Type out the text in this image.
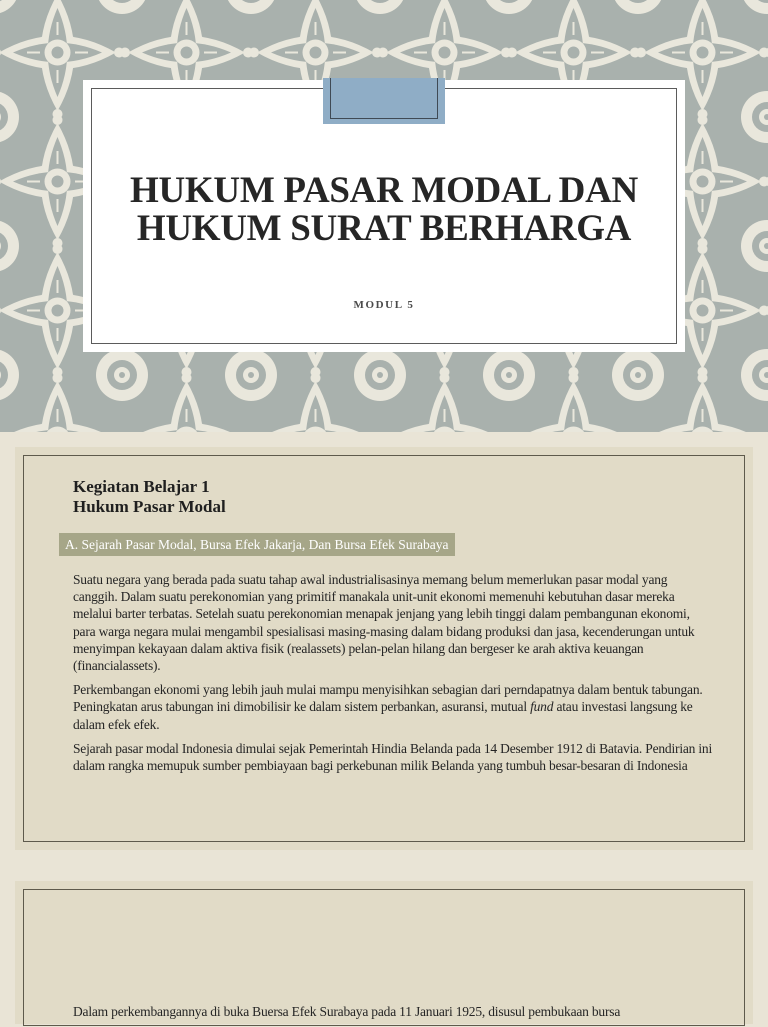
HUKUM PASAR MODAL DAN HUKUM SURAT BERHARGA
MODUL 5
Kegiatan Belajar 1
Hukum Pasar Modal
A. Sejarah Pasar Modal, Bursa Efek Jakarja, Dan Bursa Efek Surabaya

Suatu negara yang berada pada suatu tahap awal industrialisasinya memang belum memerlukan pasar modal yang canggih. Dalam suatu perekonomian yang primitif manakala unit-unit ekonomi memenuhi kebutuhan dasar mereka melalui barter terbatas. Setelah suatu perekonomian menapak jenjang yang lebih tinggi dalam pembangunan ekonomi, para warga negara mulai mengambil spesialisasi masing-masing dalam bidang produksi dan jasa, kecenderungan untuk menyimpan kekayaan dalam aktiva fisik (realassets) pelan-pelan hilang dan bergeser ke arah aktiva keuangan (financialassets).

Perkembangan ekonomi yang lebih jauh mulai mampu menyisihkan sebagian dari perndapatnya dalam bentuk tabungan. Peningkatan arus tabungan ini dimobilisir ke dalam sistem perbankan, asuransi, mutual fund atau investasi langsung ke dalam efek efek.

Sejarah pasar modal Indonesia dimulai sejak Pemerintah Hindia Belanda pada 14 Desember 1912 di Batavia. Pendirian ini dalam rangka memupuk sumber pembiayaan bagi perkebunan milik Belanda yang tumbuh besar-besaran di Indonesia

Dalam perkembangannya di buka Buersa Efek Surabaya pada 11 Januari 1925, disusul pembukaan bursa
